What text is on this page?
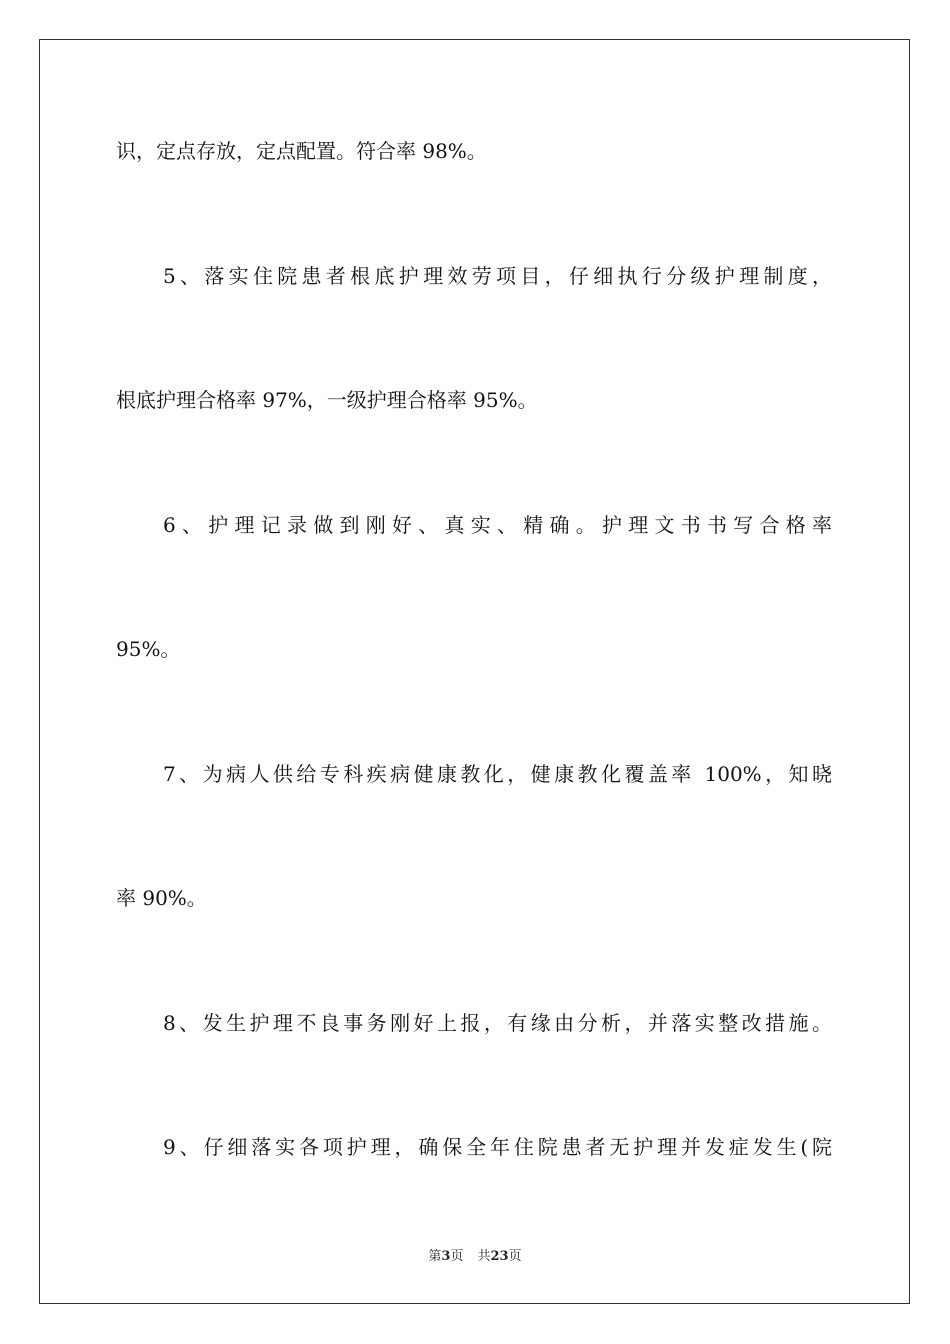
识，定点存放，定点配置。符合率 98%。
5、落实住院患者根底护理效劳项目，仔细执行分级护理制度，
根底护理合格率 97%，一级护理合格率 95%。
6、护理记录做到刚好、真实、精确。护理文书书写合格率
95%。
7、为病人供给专科疾病健康教化，健康教化覆盖率 100%，知晓
率 90%。
8、发生护理不良事务刚好上报，有缘由分析，并落实整改措施。
9、仔细落实各项护理，确保全年住院患者无护理并发症发生(院
第3页 共23页
